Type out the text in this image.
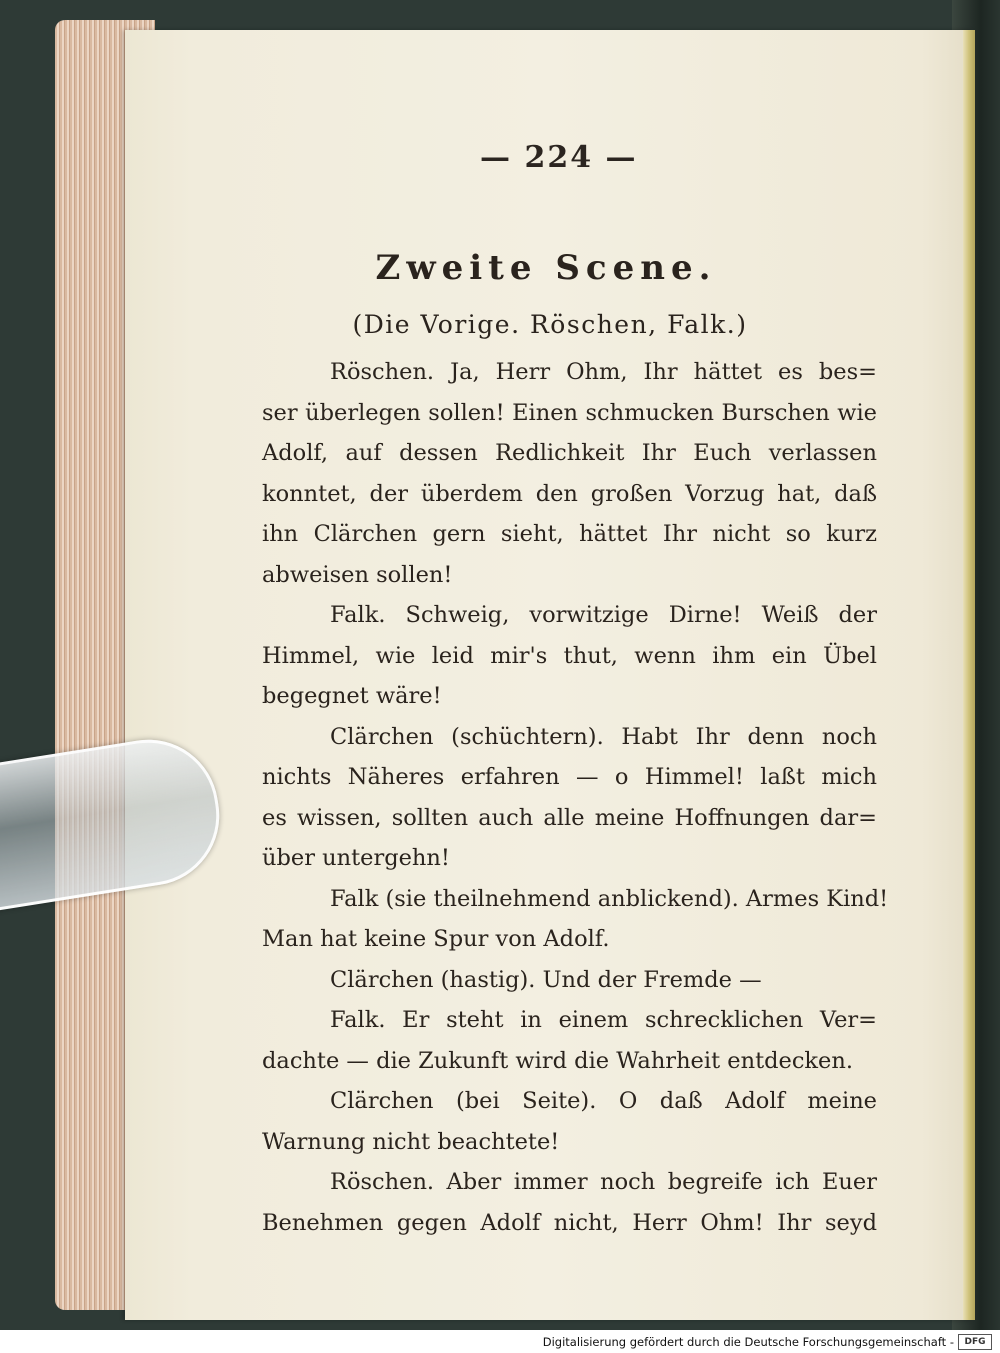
— 224 —
Zweite Scene.
(Die Vorige. Röschen, Falk.)
Röschen. Ja, Herr Ohm, Ihr hättet es bes=
ser überlegen sollen! Einen schmucken Burschen wie
Adolf, auf dessen Redlichkeit Ihr Euch verlassen
konntet, der überdem den großen Vorzug hat, daß
ihn Clärchen gern sieht, hättet Ihr nicht so kurz
abweisen sollen!
Falk. Schweig, vorwitzige Dirne! Weiß der
Himmel, wie leid mir's thut, wenn ihm ein Übel
begegnet wäre!
Clärchen (schüchtern). Habt Ihr denn noch
nichts Näheres erfahren — o Himmel! laßt mich
es wissen, sollten auch alle meine Hoffnungen dar=
über untergehn!
Falk (sie theilnehmend anblickend). Armes Kind!
Man hat keine Spur von Adolf.
Clärchen (hastig). Und der Fremde —
Falk. Er steht in einem schrecklichen Ver=
dachte — die Zukunft wird die Wahrheit entdecken.
Clärchen (bei Seite). O daß Adolf meine
Warnung nicht beachtete!
Röschen. Aber immer noch begreife ich Euer
Benehmen gegen Adolf nicht, Herr Ohm! Ihr seyd
Digitalisierung gefördert durch die Deutsche Forschungsgemeinschaft -	DFG
